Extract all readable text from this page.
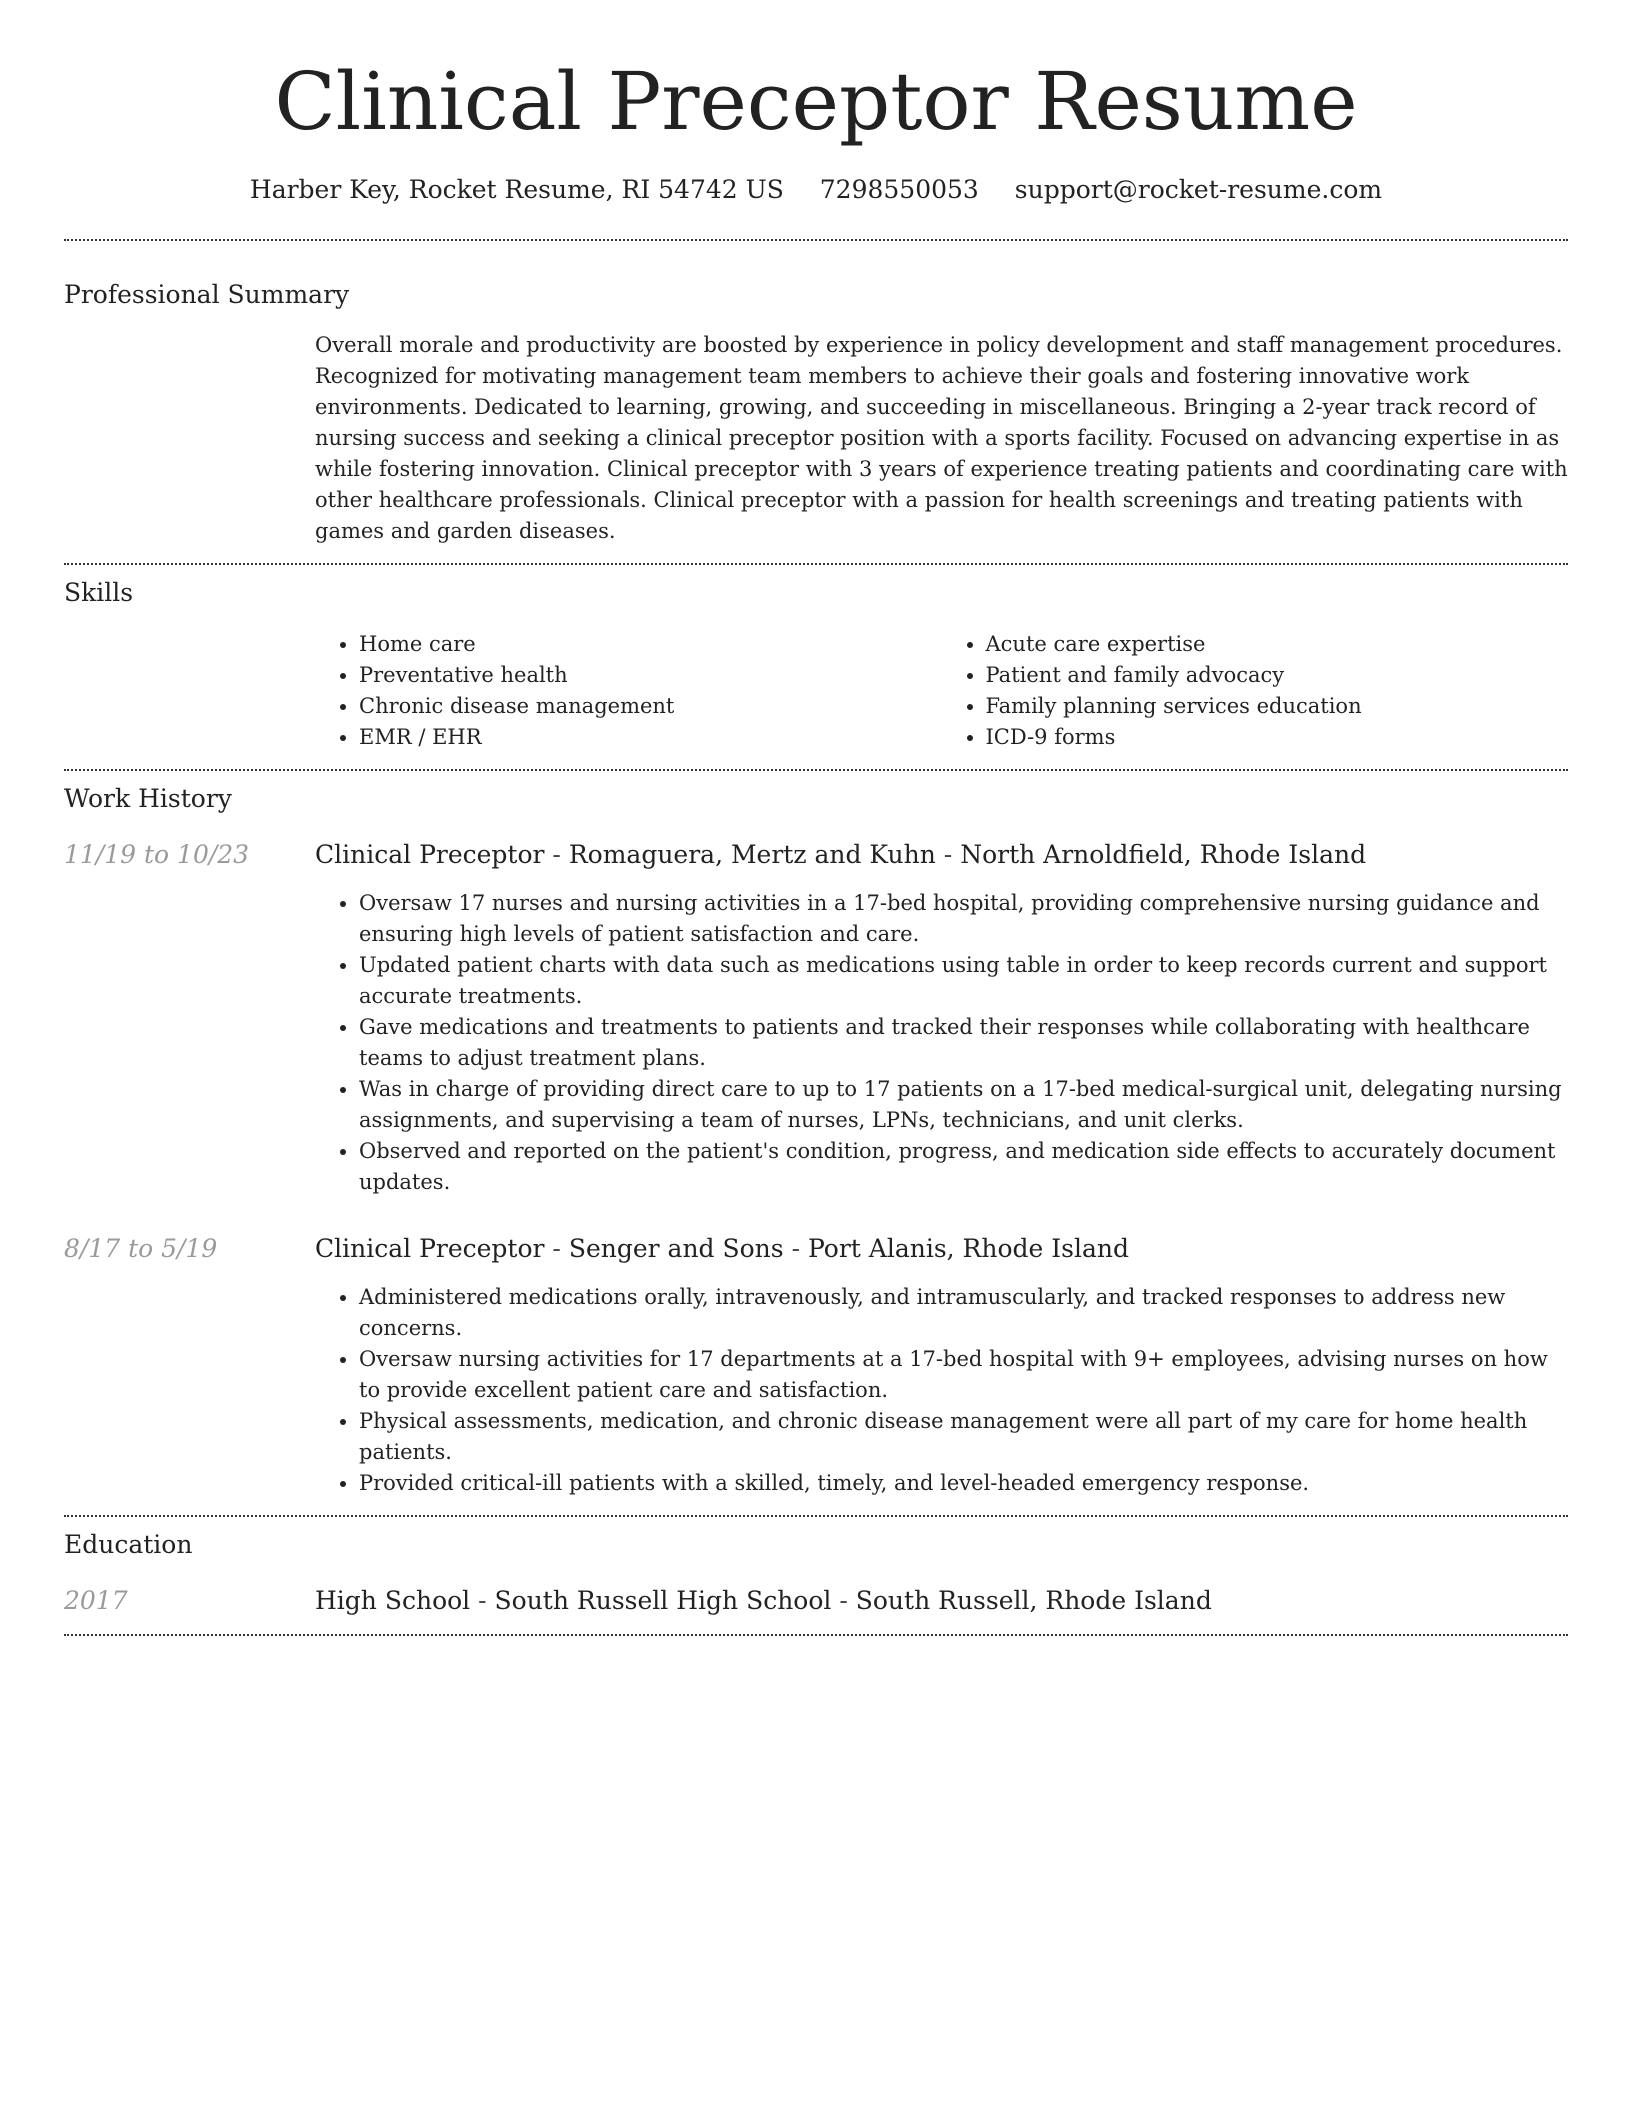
Clinical Preceptor Resume
Harber Key, Rocket Resume, RI 54742 US 7298550053 support@rocket-resume.com
Professional Summary
Overall morale and productivity are boosted by experience in policy development and staff management procedures. Recognized for motivating management team members to achieve their goals and fostering innovative work environments. Dedicated to learning, growing, and succeeding in miscellaneous. Bringing a 2-year track record of nursing success and seeking a clinical preceptor position with a sports facility. Focused on advancing expertise in as while fostering innovation. Clinical preceptor with 3 years of experience treating patients and coordinating care with other healthcare professionals. Clinical preceptor with a passion for health screenings and treating patients with games and garden diseases.
Skills
• Home care
• Preventative health
• Chronic disease management
• EMR / EHR
• Acute care expertise
• Patient and family advocacy
• Family planning services education
• ICD-9 forms
Work History
11/19 to 10/23	Clinical Preceptor - Romaguera, Mertz and Kuhn - North Arnoldfield, Rhode Island
• Oversaw 17 nurses and nursing activities in a 17-bed hospital, providing comprehensive nursing guidance and ensuring high levels of patient satisfaction and care.
• Updated patient charts with data such as medications using table in order to keep records current and support accurate treatments.
• Gave medications and treatments to patients and tracked their responses while collaborating with healthcare teams to adjust treatment plans.
• Was in charge of providing direct care to up to 17 patients on a 17-bed medical-surgical unit, delegating nursing assignments, and supervising a team of nurses, LPNs, technicians, and unit clerks.
• Observed and reported on the patient's condition, progress, and medication side effects to accurately document updates.
8/17 to 5/19	Clinical Preceptor - Senger and Sons - Port Alanis, Rhode Island
• Administered medications orally, intravenously, and intramuscularly, and tracked responses to address new concerns.
• Oversaw nursing activities for 17 departments at a 17-bed hospital with 9+ employees, advising nurses on how to provide excellent patient care and satisfaction.
• Physical assessments, medication, and chronic disease management were all part of my care for home health patients.
• Provided critical-ill patients with a skilled, timely, and level-headed emergency response.
Education
2017	High School - South Russell High School - South Russell, Rhode Island
